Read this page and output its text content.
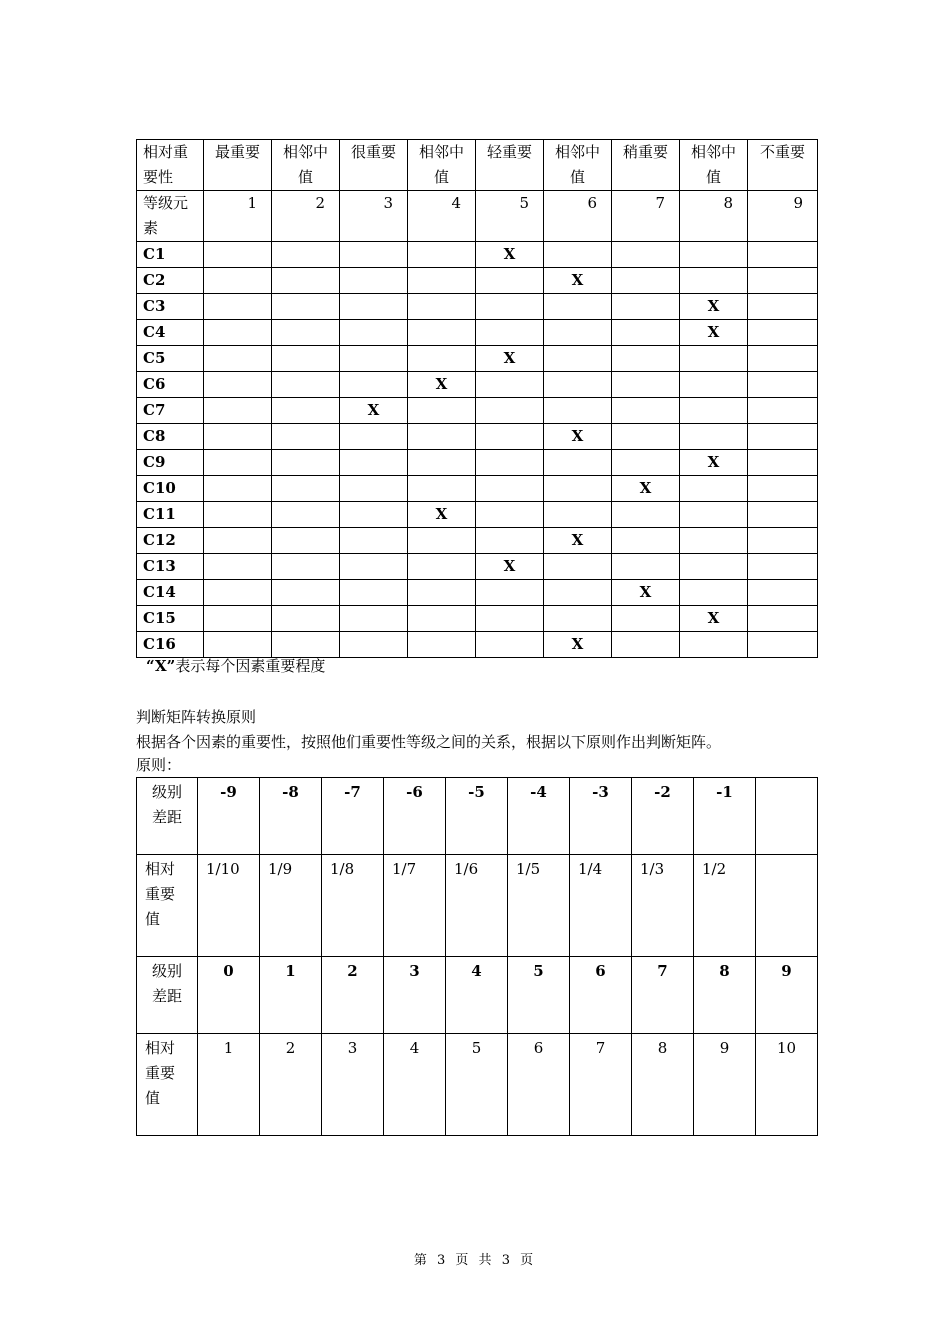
相对重要性	最重要	相邻中值	很重要	相邻中值	轻重要	相邻中值	稍重要	相邻中值	不重要
等级元素	1	2	3	4	5	6	7	8	9
C1					X				
C2						X			
C3								X	
C4								X	
C5					X				
C6				X					
C7			X						
C8						X			
C9								X	
C10							X		
C11				X					
C12						X			
C13					X				
C14							X		
C15								X	
C16						X			
“X”表示每个因素重要程度
判断矩阵转换原则
根据各个因素的重要性，按照他们重要性等级之间的关系，根据以下原则作出判断矩阵。
原则：
级别差距	-9	-8	-7	-6	-5	-4	-3	-2	-1	
相对重要值	1/10	1/9	1/8	1/7	1/6	1/5	1/4	1/3	1/2	
级别差距	0	1	2	3	4	5	6	7	8	9
相对重要值	1	2	3	4	5	6	7	8	9	10
第 3 页 共 3 页
